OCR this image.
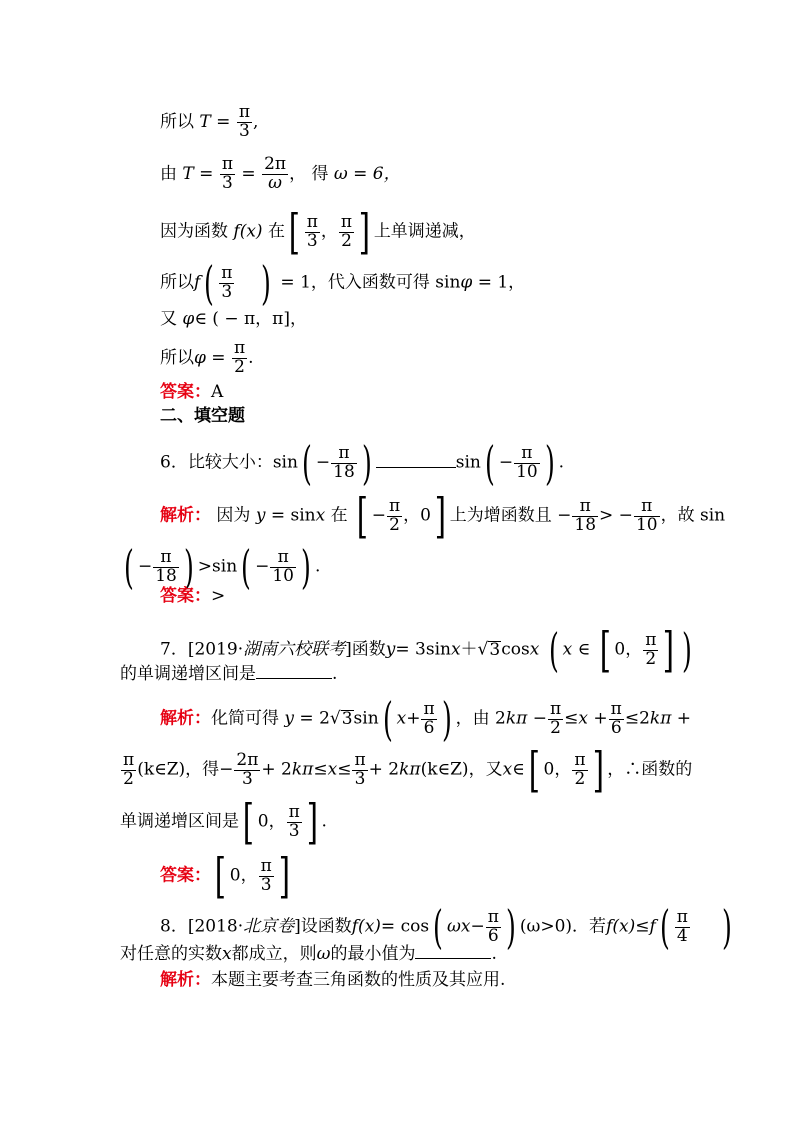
所以 $T = \frac{\pi}{3}$ ,
由 $T = \frac{\pi}{3} = \frac{2\pi}{\omega}$ ， 得 ω = 6，
因为函数 f(x) 在[ $\frac{\pi}{3}$ ， $\frac{\pi}{2}$ ] 上单调递减，
所以$f( \frac{\pi}{3}$ ) = 1，代入函数可得 sinφ = 1，
又 φ∈ ( − π，π]，
所以$\varphi = \frac{\pi}{2}$ .
答案：A
二、填空题
6．比较大小：$\sin( - \frac{\pi}{18}$ )	$\sin( - \frac{\pi}{10}$ ) .
解析： 因为 y = sinx 在 [ − $\frac{\pi}{2}$ ，0] 上为增函数且 − $\frac{\pi}{18}$ > − $\frac{\pi}{10}$ ，故 sin
( − $\frac{\pi}{18}$ ) $>\sin( - \frac{\pi}{10}$ ) .
答案：>
7．[2019·湖南六校联考]函数y= 3sinx＋√3cosx ( x ∈ [ 0， $\frac{\pi}{2}$ ] )
的单调递增区间是	.
解析：化简可得 y = 2√3sin( $x+ \frac{\pi}{6}$ ) ，由 $2k\pi - \frac{\pi}{2} \le x + \frac{\pi}{6} \le 2k\pi$ +
$\frac{\pi}{2}$ (k∈Z)，得− $\frac{2\pi}{3} + 2k\pi\le x\le \frac{\pi}{3}$ + 2kπ(k∈Z)，又x∈[ 0， $\frac{\pi}{2}$ ] ，∴函数的
单调递增区间是[ 0， $\frac{\pi}{3}$ ] .
答案：[ 0， $\frac{\pi}{3}$ ]
8．[2018·北京卷]设函数f(x)= cos( $\omega x- \frac{\pi}{6}$ ) (ω>0)．若$f(x)\le f( \frac{\pi}{4}$ )
对任意的实数x都成立，则ω的最小值为	.
解析：本题主要考查三角函数的性质及其应用.
